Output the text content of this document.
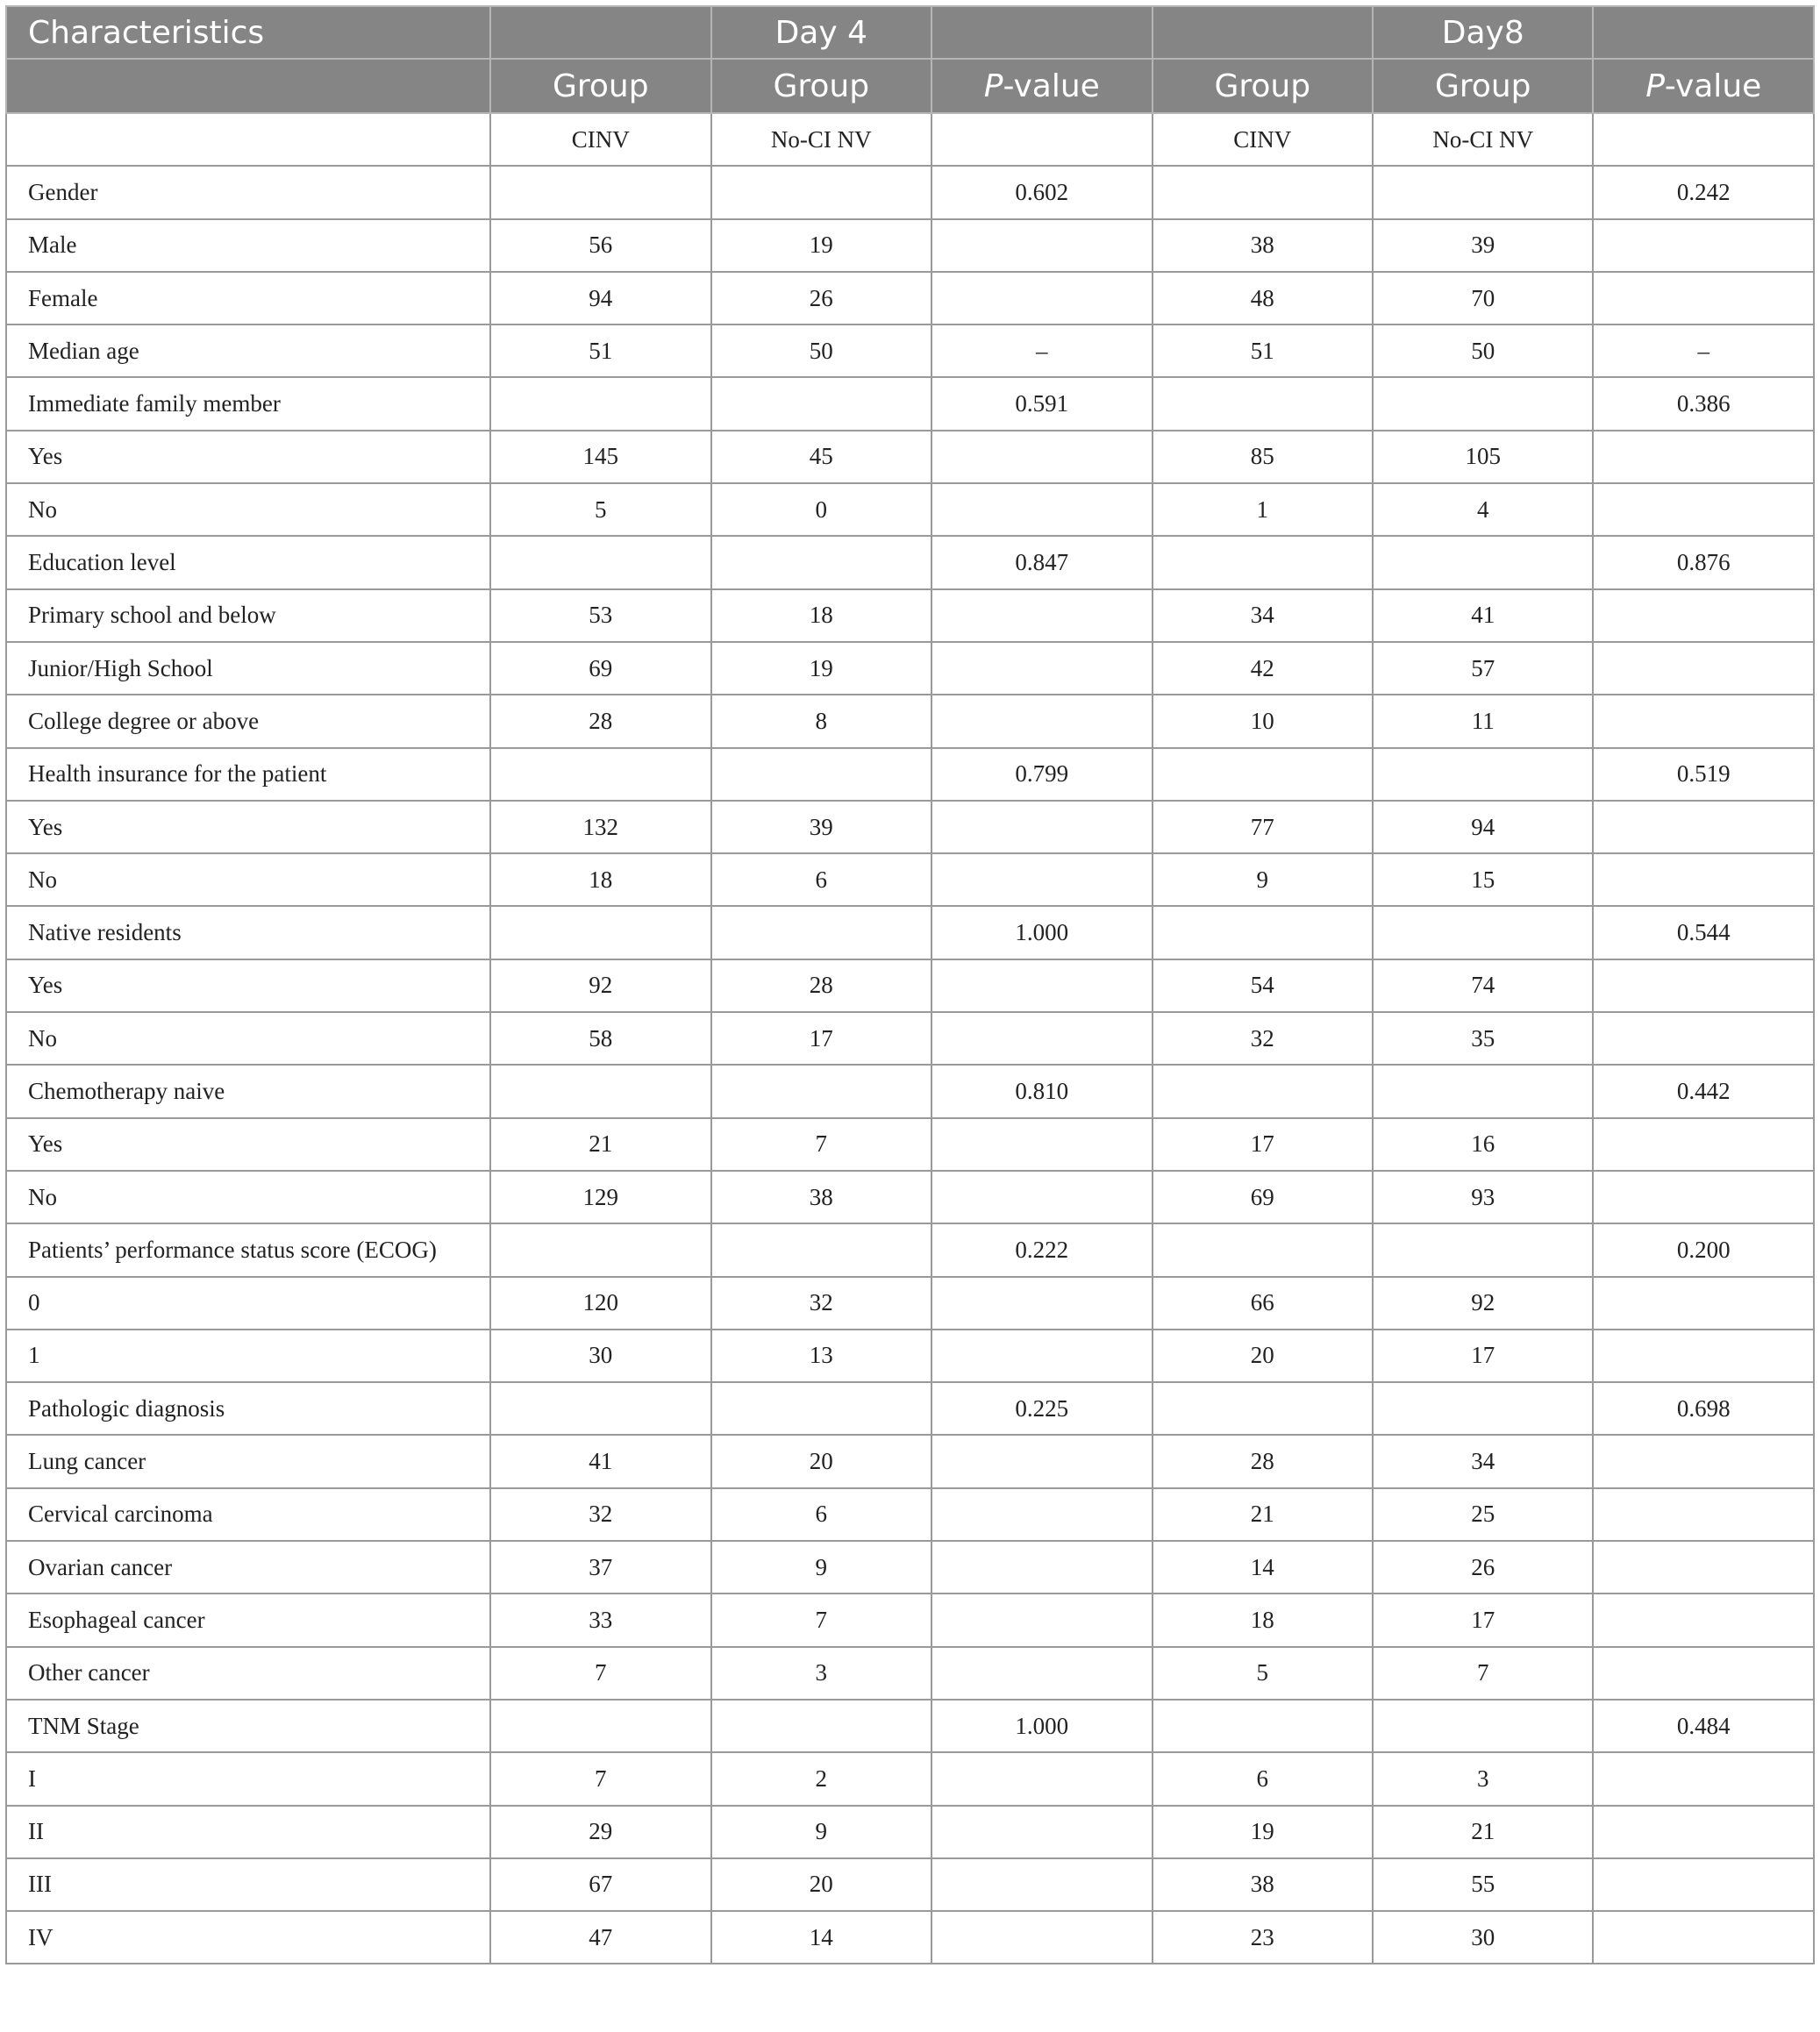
Characteristics		Day 4			Day8	
	Group	Group	P-value	Group	Group	P-value
	CINV	No-CI NV		CINV	No-CI NV	
Gender			0.602			0.242
Male	56	19		38	39	
Female	94	26		48	70	
Median age	51	50	–	51	50	–
Immediate family member			0.591			0.386
Yes	145	45		85	105	
No	5	0		1	4	
Education level			0.847			0.876
Primary school and below	53	18		34	41	
Junior/High School	69	19		42	57	
College degree or above	28	8		10	11	
Health insurance for the patient			0.799			0.519
Yes	132	39		77	94	
No	18	6		9	15	
Native residents			1.000			0.544
Yes	92	28		54	74	
No	58	17		32	35	
Chemotherapy naive			0.810			0.442
Yes	21	7		17	16	
No	129	38		69	93	
Patients’ performance status score (ECOG)			0.222			0.200
0	120	32		66	92	
1	30	13		20	17	
Pathologic diagnosis			0.225			0.698
Lung cancer	41	20		28	34	
Cervical carcinoma	32	6		21	25	
Ovarian cancer	37	9		14	26	
Esophageal cancer	33	7		18	17	
Other cancer	7	3		5	7	
TNM Stage			1.000			0.484
I	7	2		6	3	
II	29	9		19	21	
III	67	20		38	55	
IV	47	14		23	30	
